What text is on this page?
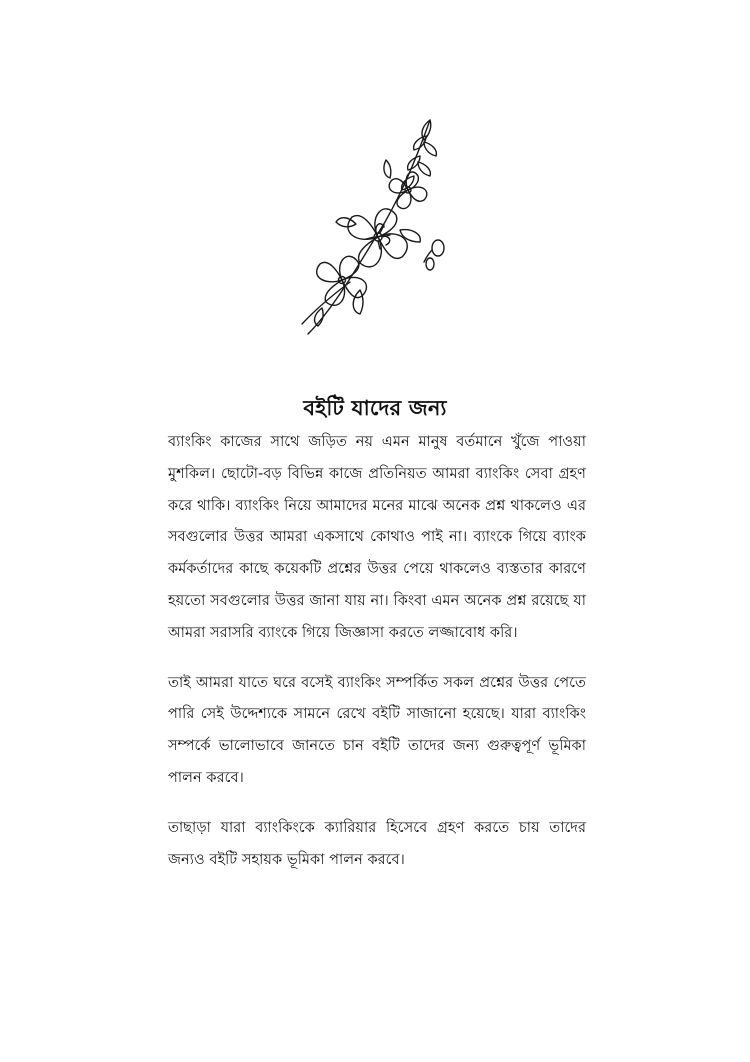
বইটি যাদের জন্য

ব্যাংকিং কাজের সাথে জড়িত নয় এমন মানুষ বর্তমানে খুঁজে পাওয়া মুশকিল। ছোটো-বড় বিভিন্ন কাজে প্রতিনিয়ত আমরা ব্যাংকিং সেবা গ্রহণ করে থাকি। ব্যাংকিং নিয়ে আমাদের মনের মাঝে অনেক প্রশ্ন থাকলেও এর সবগুলোর উত্তর আমরা একসাথে কোথাও পাই না। ব্যাংকে গিয়ে ব্যাংক কর্মকর্তাদের কাছে কয়েকটি প্রশ্নের উত্তর পেয়ে থাকলেও ব্যস্ততার কারণে হয়তো সবগুলোর উত্তর জানা যায় না। কিংবা এমন অনেক প্রশ্ন রয়েছে যা আমরা সরাসরি ব্যাংকে গিয়ে জিজ্ঞাসা করতে লজ্জাবোধ করি।

তাই আমরা যাতে ঘরে বসেই ব্যাংকিং সম্পর্কিত সকল প্রশ্নের উত্তর পেতে পারি সেই উদ্দেশ্যকে সামনে রেখে বইটি সাজানো হয়েছে। যারা ব্যাংকিং সম্পর্কে ভালোভাবে জানতে চান বইটি তাদের জন্য গুরুত্বপূর্ণ ভূমিকা পালন করবে।

তাছাড়া যারা ব্যাংকিংকে ক্যারিয়ার হিসেবে গ্রহণ করতে চায় তাদের জন্যও বইটি সহায়ক ভূমিকা পালন করবে।
